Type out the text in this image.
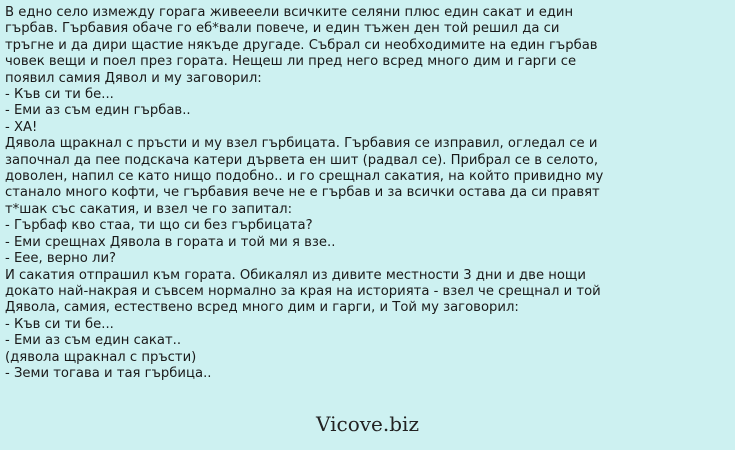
В едно село измежду горага живееели всичките селяни плюс един сакат и един
гърбав. Гърбавия обаче го еб*вали повече, и един тъжен ден той решил да си
тръгне и да дири щастие някъде другаде. Събрал си необходимите на един гърбав
човек вещи и поел през гората. Нещеш ли пред него всред много дим и гарги се
появил самия Дявол и му заговорил:
- Къв си ти бе...
- Еми аз съм един гърбав..
- ХА!
Дявола щракнал с пръсти и му взел гърбицата. Гърбавия се изправил, огледал се и
започнал да пее подскача катери дърветa ен шит (радвал се). Прибрал се в селото,
доволен, напил се като нищо подобно.. и го срещнал сакатия, на който привидно му
станало много кофти, че гърбавия вече не е гърбав и за всички остава да си правят
т*шак със сакатия, и взел че го запитал:
- Гърбаф кво стаа, ти що си без гърбицата?
- Еми срещнах Дявола в гората и той ми я взе..
- Еее, верно ли?
И сакатия отпрашил към гората. Обикалял из дивите местности 3 дни и две нощи
докато най-накрая и съвсем нормално за края на историята - взел че срещнал и той
Дявола, самия, естествено всред много дим и гарги, и Той му заговорил:
- Къв си ти бе...
- Еми аз съм един сакат..
(дявола щракнал с пръсти)
- Земи тогава и тая гърбица..
Vicove.biz
